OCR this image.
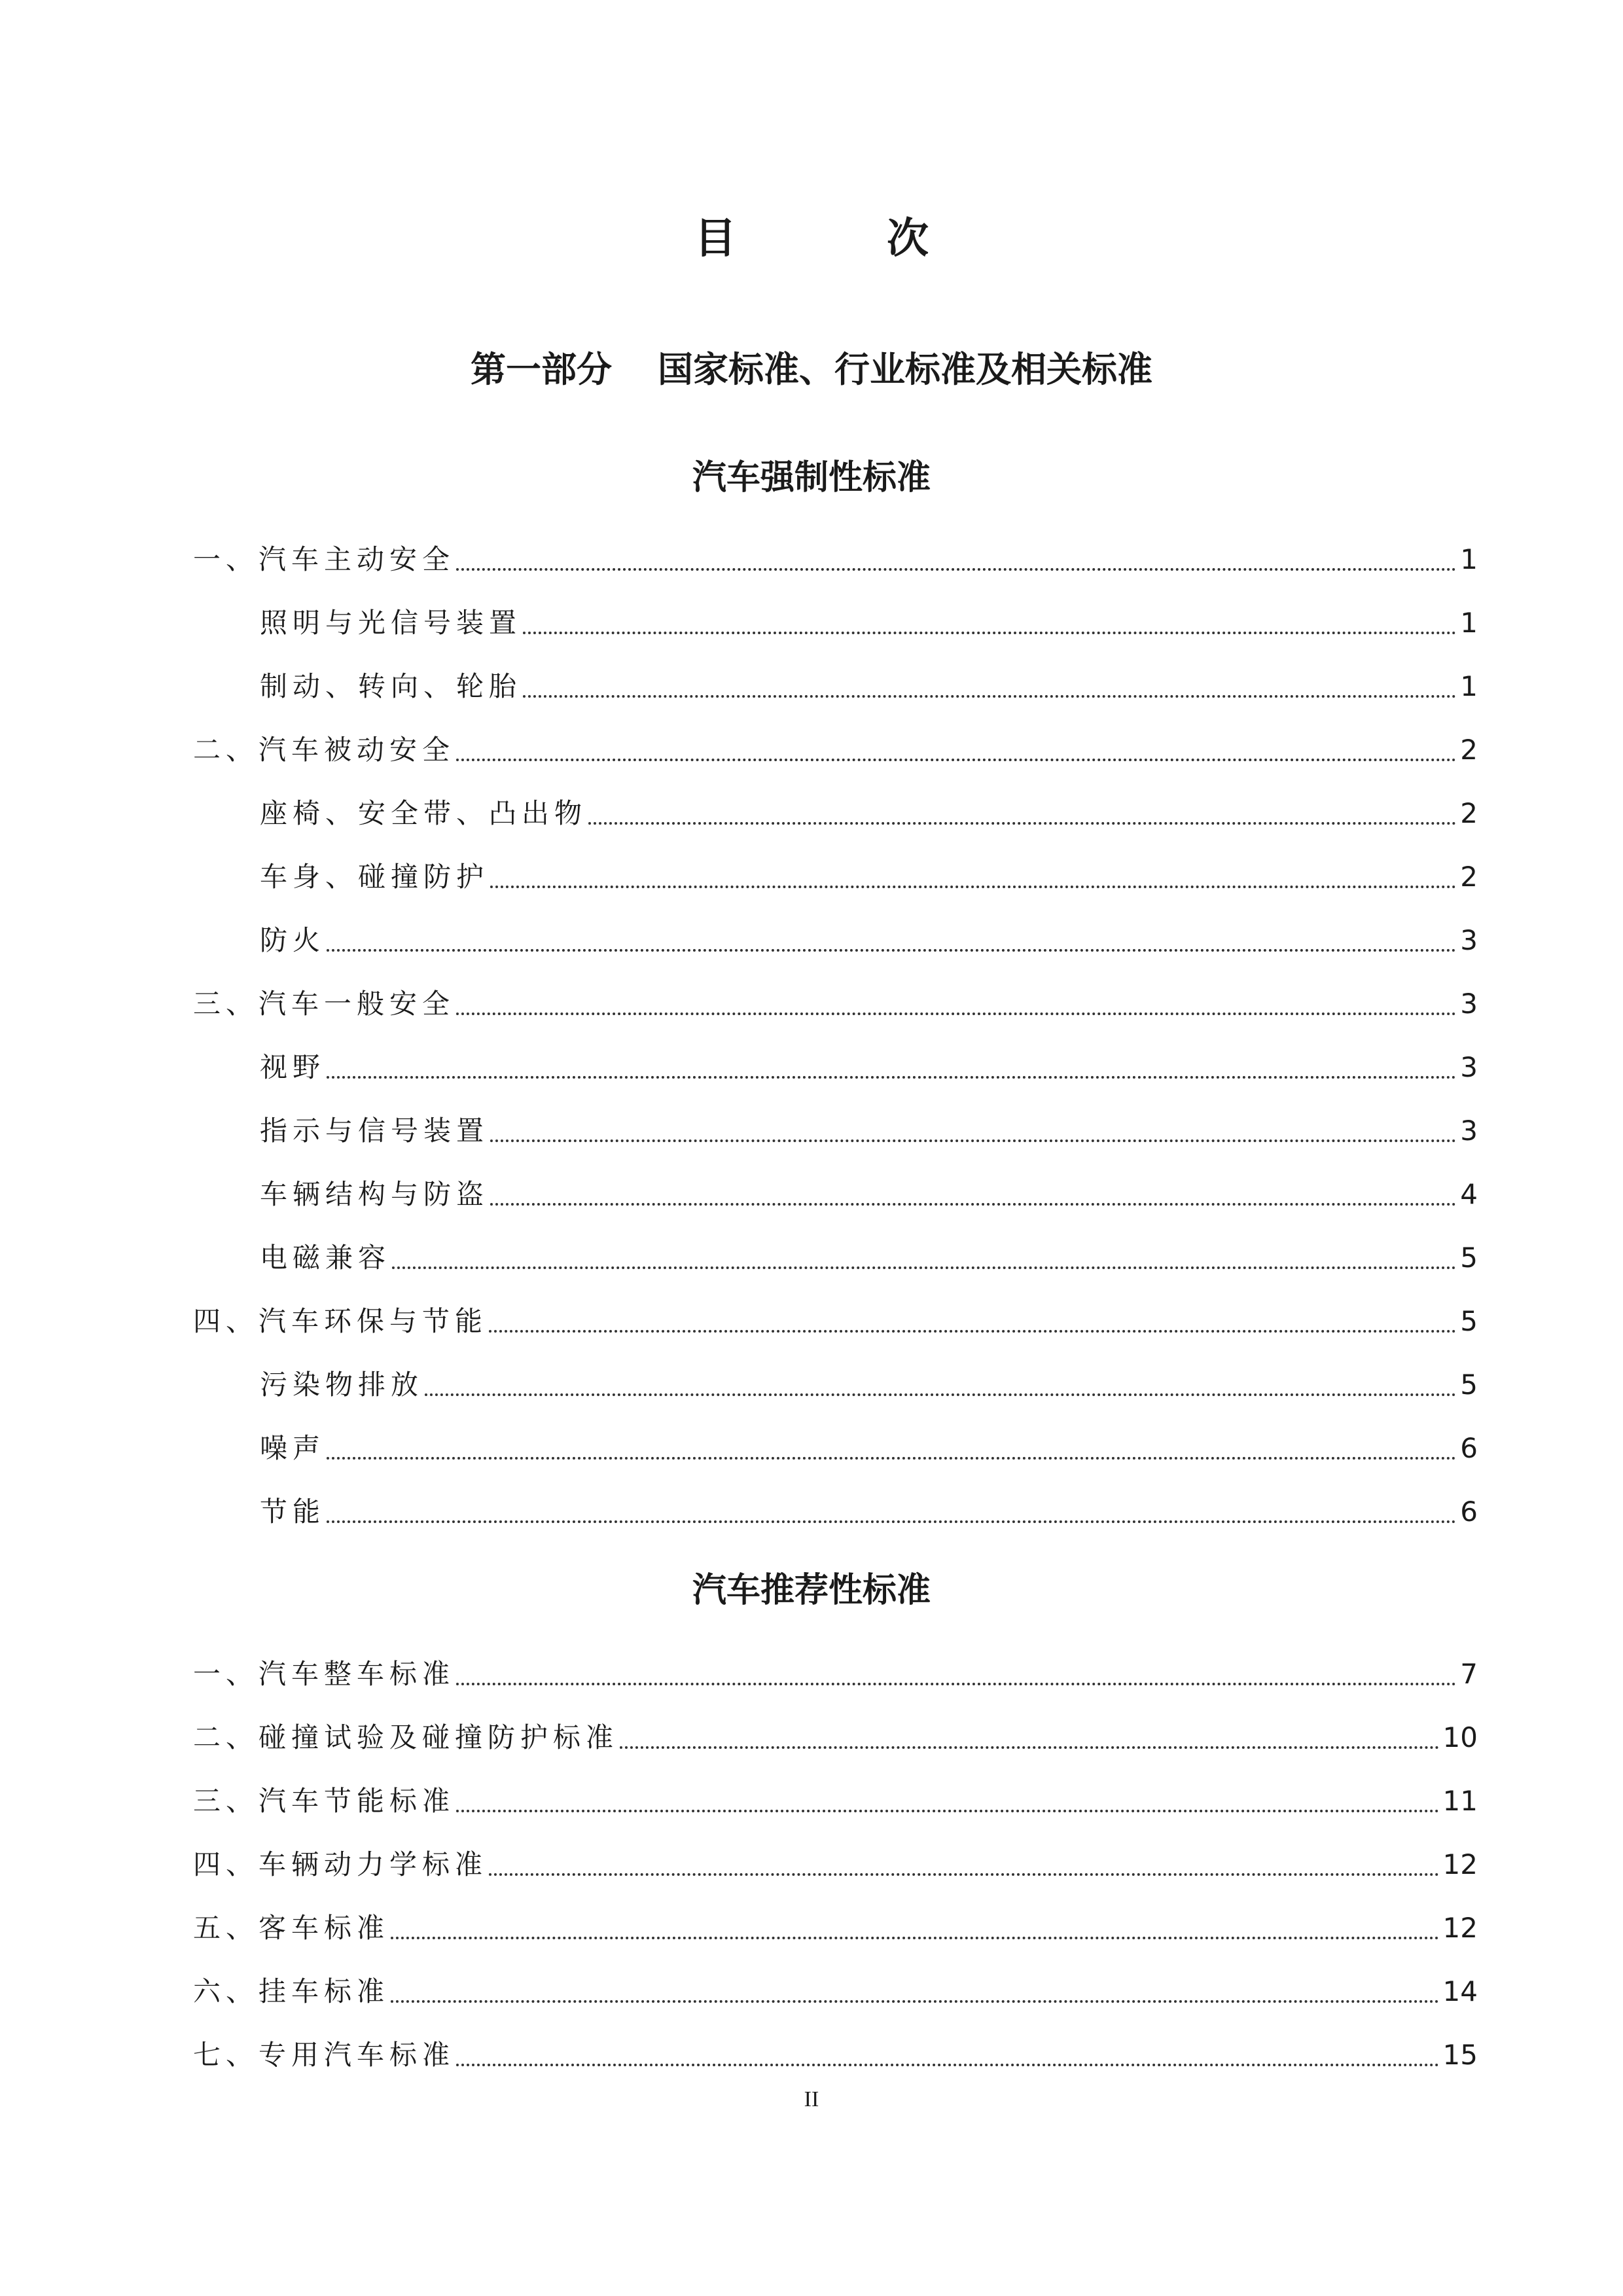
目	次
第一部分 国家标准、行业标准及相关标准
汽车强制性标准
一、汽车主动安全	1
照明与光信号装置	1
制动、转向、轮胎	1
二、汽车被动安全	2
座椅、安全带、凸出物	2
车身、碰撞防护	2
防火	3
三、汽车一般安全	3
视野	3
指示与信号装置	3
车辆结构与防盗	4
电磁兼容	5
四、汽车环保与节能	5
污染物排放	5
噪声	6
节能	6
汽车推荐性标准
一、汽车整车标准	7
二、碰撞试验及碰撞防护标准	10
三、汽车节能标准	11
四、车辆动力学标准	12
五、客车标准	12
六、挂车标准	14
七、专用汽车标准	15
II
